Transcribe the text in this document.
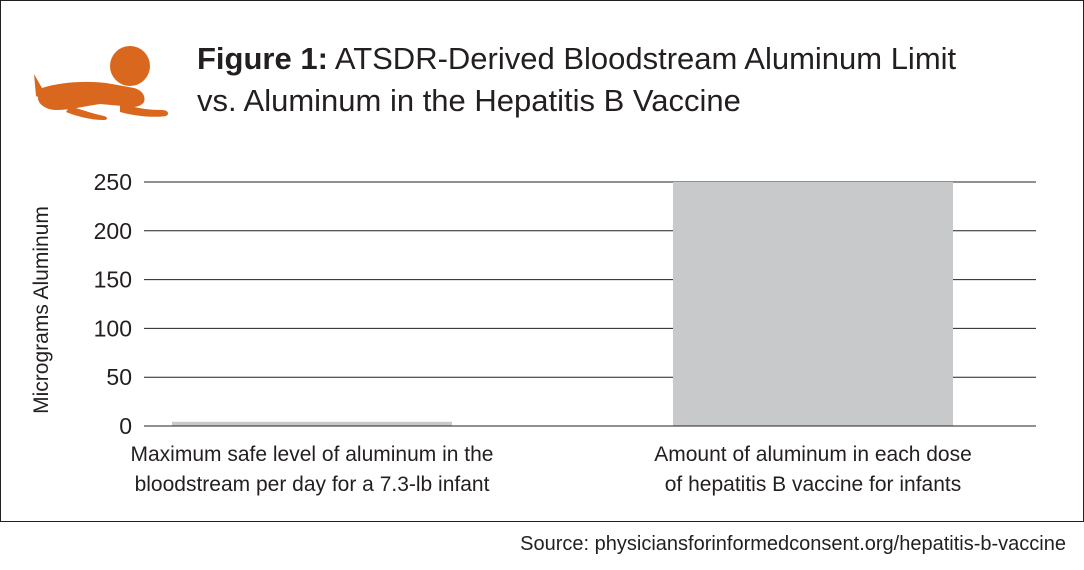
Figure 1: ATSDR-Derived Bloodstream Aluminum Limit
vs. Aluminum in the Hepatitis B Vaccine
0
50
100
150
200
250
Micrograms Aluminum
Maximum safe level of aluminum in the
bloodstream per day for a 7.3-lb infant
Amount of aluminum in each dose
of hepatitis B vaccine for infants
Source: physiciansforinformedconsent.org/hepatitis-b-vaccine
